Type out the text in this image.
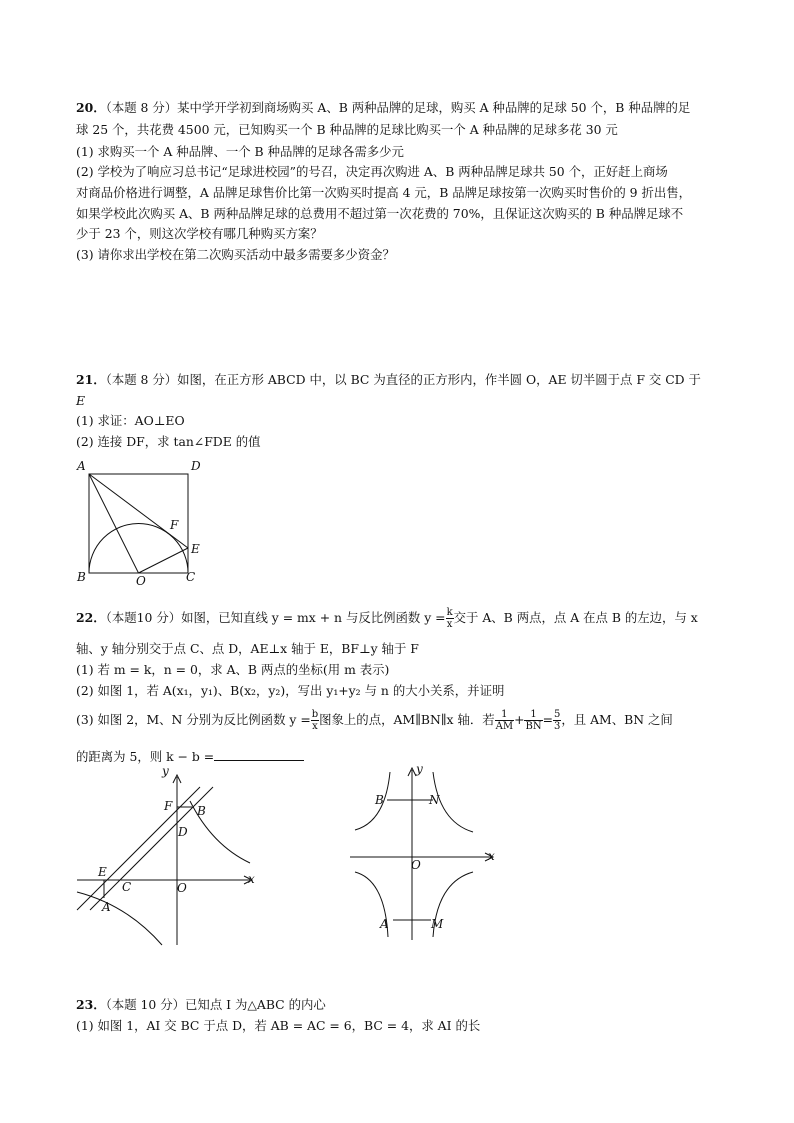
20．（本题 8 分）某中学开学初到商场购买 A、B 两种品牌的足球，购买 A 种品牌的足球 50 个，B 种品牌的足
球 25 个，共花费 4500 元，已知购买一个 B 种品牌的足球比购买一个 A 种品牌的足球多花 30 元
(1) 求购买一个 A 种品牌、一个 B 种品牌的足球各需多少元
(2) 学校为了响应习总书记“足球进校园”的号召，决定再次购进 A、B 两种品牌足球共 50 个，正好赶上商场
对商品价格进行调整，A 品牌足球售价比第一次购买时提高 4 元，B 品牌足球按第一次购买时售价的 9 折出售，
如果学校此次购买 A、B 两种品牌足球的总费用不超过第一次花费的 70%，且保证这次购买的 B 种品牌足球不
少于 23 个，则这次学校有哪几种购买方案？
(3) 请你求出学校在第二次购买活动中最多需要多少资金？
21．（本题 8 分）如图，在正方形 ABCD 中，以 BC 为直径的正方形内，作半圆 O，AE 切半圆于点 F 交 CD 于
E
(1) 求证：AO⊥EO
(2) 连接 DF，求 tan∠FDE 的值
A	D
F
E
B	O	C
22．（本题10 分）如图，已知直线 y = mx + n 与反比例函数 $y = \frac{k}{x}$ 交于 A、B 两点，点 A 在点 B 的左边，与 x
轴、y 轴分别交于点 C、点 D，AE⊥x 轴于 E，BF⊥y 轴于 F
(1) 若 m = k，n = 0，求 A、B 两点的坐标(用 m 表示)
(2) 如图 1，若 A(x₁，y₁)、B(x₂，y₂)，写出 y₁+y₂ 与 n 的大小关系，并证明
(3) 如图 2，M、N 分别为反比例函数 $y = \frac{b}{x}$ 图象上的点，AM∥BN∥x 轴．若 $\frac{1}{AM} + \frac{1}{BN} = \frac{5}{3}$ ，且 AM、BN 之间
的距离为 5，则 k − b =
y
F B
D
E
C	O
x
A
y
B	N
O
x
A	M
23．（本题 10 分）已知点 I 为△ABC 的内心
(1) 如图 1，AI 交 BC 于点 D，若 AB = AC = 6，BC = 4，求 AI 的长
